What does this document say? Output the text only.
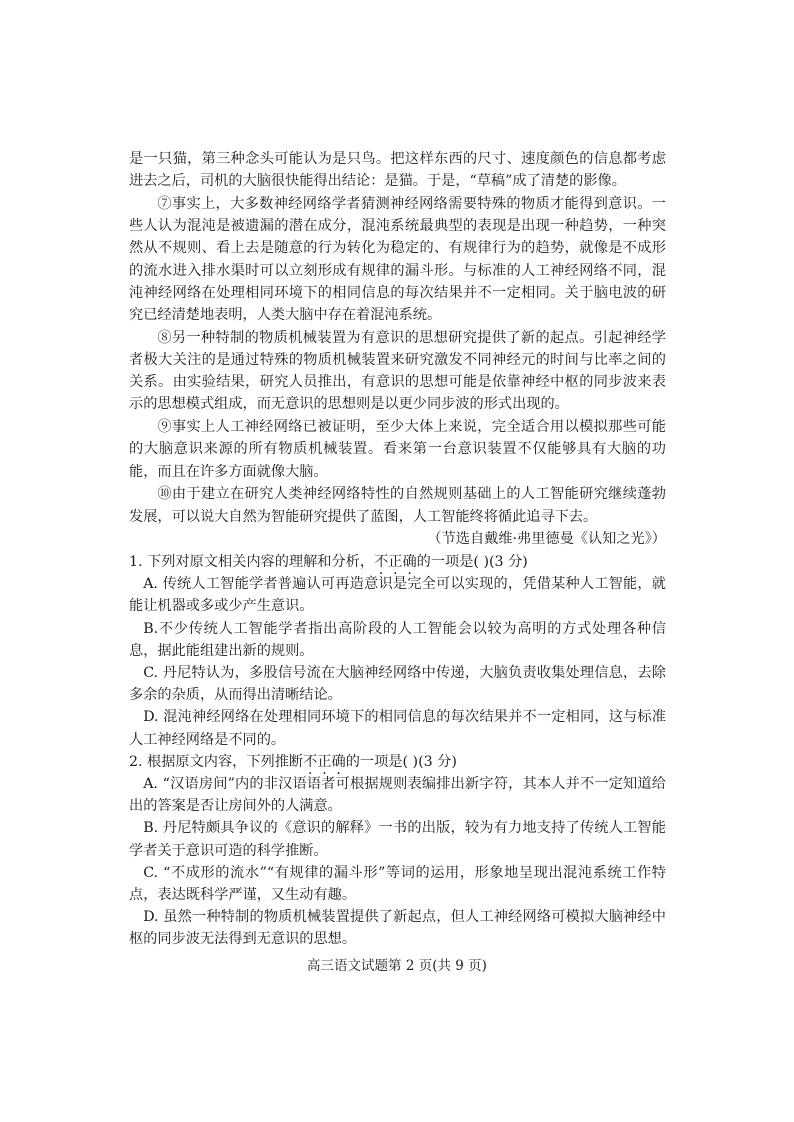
是一只猫，第三种念头可能认为是只鸟。把这样东西的尺寸、速度颜色的信息都考虑进去之后，司机的大脑很快能得出结论：是猫。于是，“草稿”成了清楚的影像。

⑦事实上，大多数神经网络学者猜测神经网络需要特殊的物质才能得到意识。一些人认为混沌是被遗漏的潜在成分，混沌系统最典型的表现是出现一种趋势，一种突然从不规则、看上去是随意的行为转化为稳定的、有规律行为的趋势，就像是不成形的流水进入排水渠时可以立刻形成有规律的漏斗形。与标准的人工神经网络不同，混沌神经网络在处理相同环境下的相同信息的每次结果并不一定相同。关于脑电波的研究已经清楚地表明，人类大脑中存在着混沌系统。

⑧另一种特制的物质机械装置为有意识的思想研究提供了新的起点。引起神经学者极大关注的是通过特殊的物质机械装置来研究激发不同神经元的时间与比率之间的关系。由实验结果，研究人员推出，有意识的思想可能是依靠神经中枢的同步波来表示的思想模式组成，而无意识的思想则是以更少同步波的形式出现的。

⑨事实上人工神经网络已被证明，至少大体上来说，完全适合用以模拟那些可能的大脑意识来源的所有物质机械装置。看来第一台意识装置不仅能够具有大脑的功能，而且在许多方面就像大脑。

⑩由于建立在研究人类神经网络特性的自然规则基础上的人工智能研究继续蓬勃发展，可以说大自然为智能研究提供了蓝图，人工智能终将循此追寻下去。

（节选自戴维·弗里德曼《认知之光》）

1. 下列对原文相关内容的理解和分析，不正确的一项是( )(3 分)

A. 传统人工智能学者普遍认可再造意识是完全可以实现的，凭借某种人工智能，就能让机器或多或少产生意识。

B.不少传统人工智能学者指出高阶段的人工智能会以较为高明的方式处理各种信息，据此能组建出新的规则。

C. 丹尼特认为，多股信号流在大脑神经网络中传递，大脑负责收集处理信息，去除多余的杂质，从而得出清晰结论。

D. 混沌神经网络在处理相同环境下的相同信息的每次结果并不一定相同，这与标准人工神经网络是不同的。

2. 根据原文内容，下列推断不正确的一项是( )(3 分)

A. “汉语房间”内的非汉语语者可根据规则表编排出新字符，其本人并不一定知道给出的答案是否让房间外的人满意。

B. 丹尼特颇具争议的《意识的解释》一书的出版，较为有力地支持了传统人工智能学者关于意识可造的科学推断。

C. “不成形的流水”“有规律的漏斗形”等词的运用，形象地呈现出混沌系统工作特点，表达既科学严谨，又生动有趣。

D. 虽然一种特制的物质机械装置提供了新起点，但人工神经网络可模拟大脑神经中枢的同步波无法得到无意识的思想。

高三语文试题第 2 页(共 9 页)
